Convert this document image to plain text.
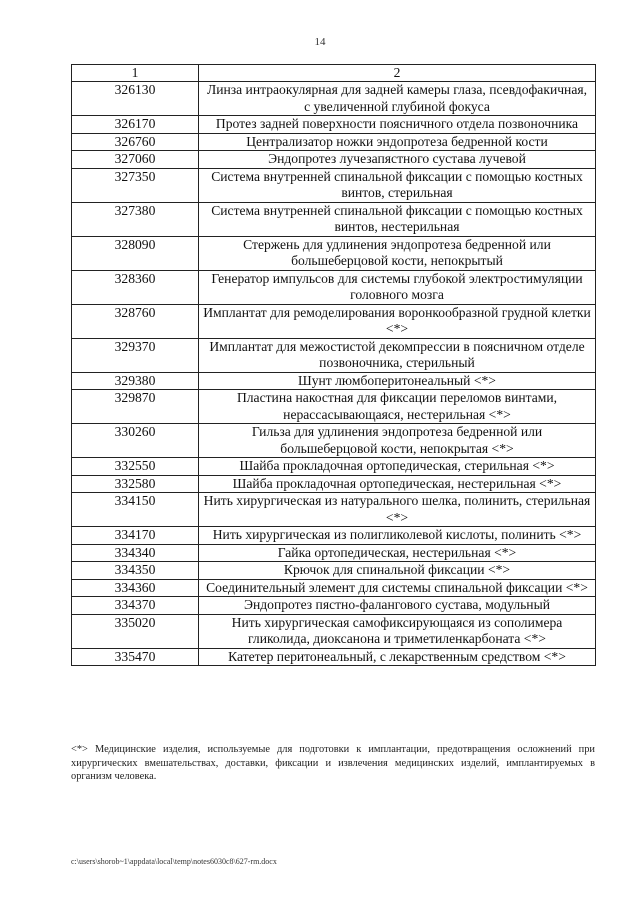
14
1	2
326130	Линза интраокулярная для задней камеры глаза, псевдофакичная, с увеличенной глубиной фокуса
326170	Протез задней поверхности поясничного отдела позвоночника
326760	Централизатор ножки эндопротеза бедренной кости
327060	Эндопротез лучезапястного сустава лучевой
327350	Система внутренней спинальной фиксации с помощью костных винтов, стерильная
327380	Система внутренней спинальной фиксации с помощью костных винтов, нестерильная
328090	Стержень для удлинения эндопротеза бедренной или большеберцовой кости, непокрытый
328360	Генератор импульсов для системы глубокой электростимуляции головного мозга
328760	Имплантат для ремоделирования воронкообразной грудной клетки <*>
329370	Имплантат для межостистой декомпрессии в поясничном отделе позвоночника, стерильный
329380	Шунт люмбоперитонеальный <*>
329870	Пластина накостная для фиксации переломов винтами, нерассасывающаяся, нестерильная <*>
330260	Гильза для удлинения эндопротеза бедренной или большеберцовой кости, непокрытая <*>
332550	Шайба прокладочная ортопедическая, стерильная <*>
332580	Шайба прокладочная ортопедическая, нестерильная <*>
334150	Нить хирургическая из натурального шелка, полинить, стерильная <*>
334170	Нить хирургическая из полигликолевой кислоты, полинить <*>
334340	Гайка ортопедическая, нестерильная <*>
334350	Крючок для спинальной фиксации <*>
334360	Соединительный элемент для системы спинальной фиксации <*>
334370	Эндопротез пястно-фалангового сустава, модульный
335020	Нить хирургическая самофиксирующаяся из сополимера гликолида, диоксанона и триметиленкарбоната <*>
335470	Катетер перитонеальный, с лекарственным средством <*>
<*> Медицинские изделия, используемые для подготовки к имплантации, предотвращения осложнений при хирургических вмешательствах, доставки, фиксации и извлечения медицинских изделий, имплантируемых в организм человека.
c:\users\shorob~1\appdata\local\temp\notes6030c8\627-rm.docx
